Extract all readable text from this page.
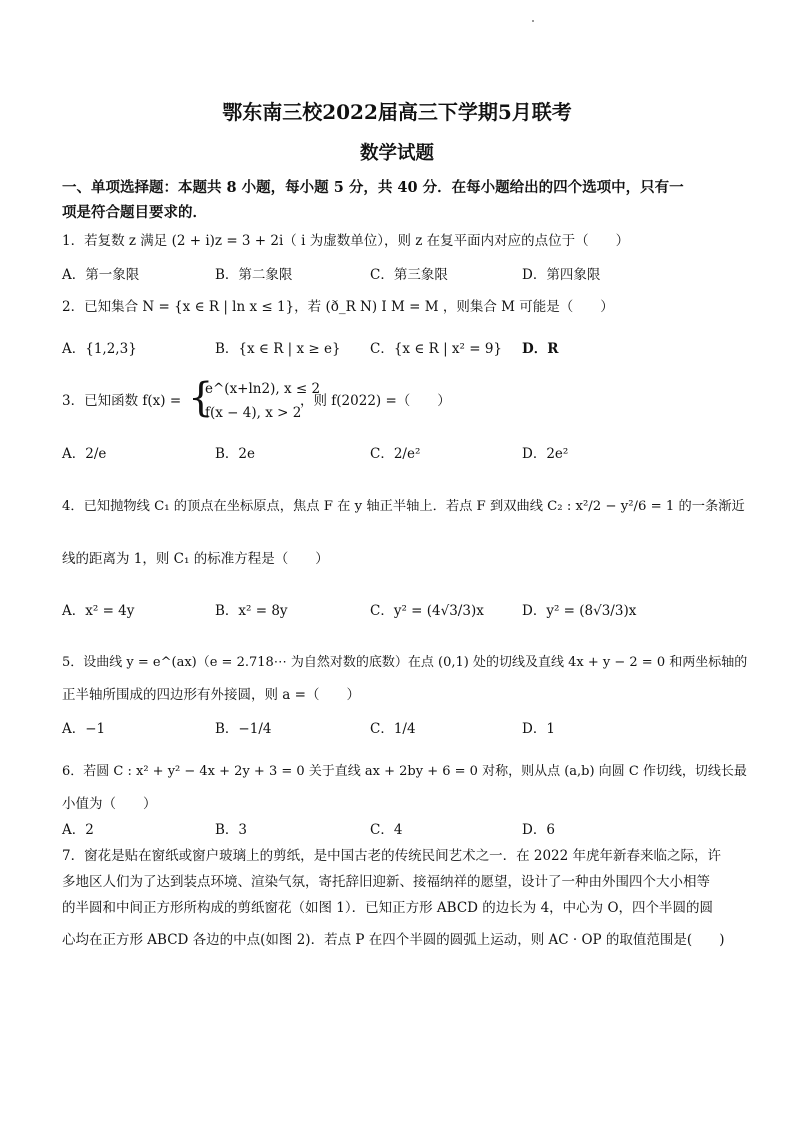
鄂东南三校2022届高三下学期5月联考
数学试题
一、单项选择题：本题共 8 小题，每小题 5 分，共 40 分．在每小题给出的四个选项中，只有一
项是符合题目要求的．
1．若复数 z 满足 (2 + i)z = 3 + 2i（ i 为虚数单位），则 z 在复平面内对应的点位于（　　）
A．第一象限	B．第二象限	C．第三象限	D．第四象限
2．已知集合 N = {x ∈ R | ln x ≤ 1}，若 (ð_R N) I M = M ，则集合 M 可能是（　　）
A．{1,2,3}	B．{x ∈ R | x ≥ e} C．{x ∈ R | x² = 9} D．R
3．已知函数 f(x) = {
e^(x+ln2), x ≤ 2
f(x − 4), x > 2
，则 f(2022) =（　　）
A．2/e	B．2e	C．2/e²	D．2e²
4．已知抛物线 C₁ 的顶点在坐标原点，焦点 F 在 y 轴正半轴上．若点 F 到双曲线 C₂ : x²/2 − y²/6 = 1 的一条渐近
线的距离为 1，则 C₁ 的标准方程是（　　）
A．x² = 4y	B．x² = 8y	C．y² = (4√3/3)x	D．y² = (8√3/3)x
5．设曲线 y = e^(ax)（e = 2.718⋯ 为自然对数的底数）在点 (0,1) 处的切线及直线 4x + y − 2 = 0 和两坐标轴的
正半轴所围成的四边形有外接圆，则 a =（　　）
A．−1	B．−1/4	C．1/4	D．1
6．若圆 C : x² + y² − 4x + 2y + 3 = 0 关于直线 ax + 2by + 6 = 0 对称，则从点 (a,b) 向圆 C 作切线，切线长最
小值为（　　）
A．2	B．3	C．4	D．6
7．窗花是贴在窗纸或窗户玻璃上的剪纸，是中国古老的传统民间艺术之一．在 2022 年虎年新春来临之际，许
多地区人们为了达到装点环境、渲染气氛，寄托辞旧迎新、接福纳祥的愿望，设计了一种由外围四个大小相等
的半圆和中间正方形所构成的剪纸窗花（如图 1）．已知正方形 ABCD 的边长为 4，中心为 O，四个半圆的圆
心均在正方形 ABCD 各边的中点(如图 2)．若点 P 在四个半圆的圆弧上运动，则 AC · OP 的取值范围是(　　)
